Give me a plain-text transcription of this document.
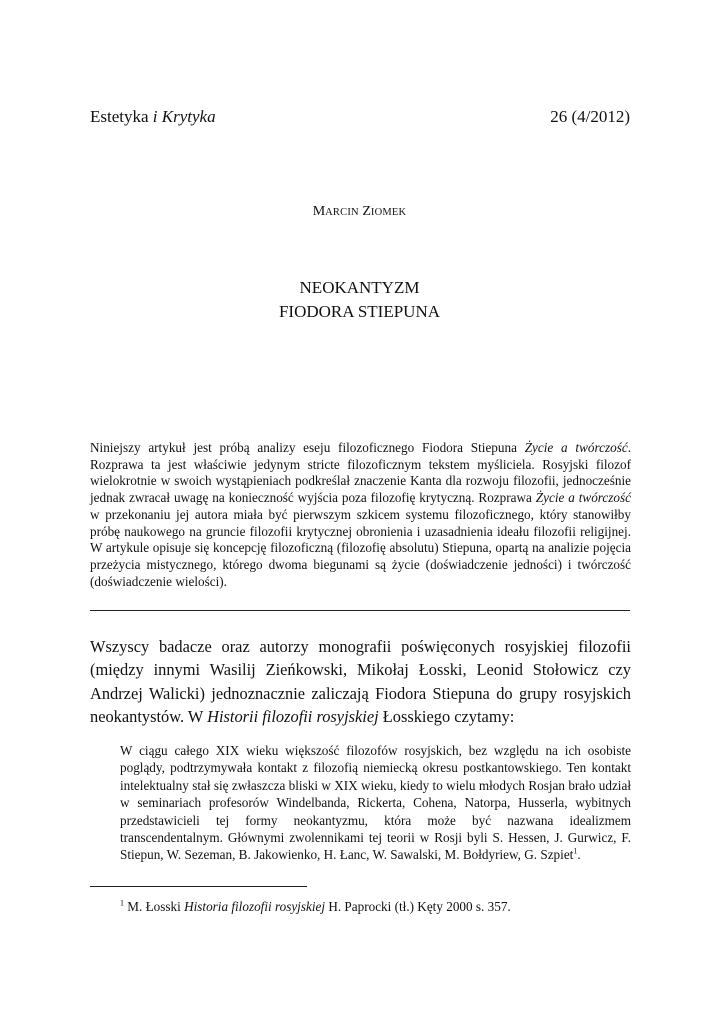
Estetyka i Krytyka	26 (4/2012)
MARCIN ZIOMEK
NEOKANTYZM
FIODORA STIEPUNA
Niniejszy artykuł jest próbą analizy eseju filozoficznego Fiodora Stiepuna Życie a twórczość. Rozprawa ta jest właściwie jedynym stricte filozoficznym tekstem myśliciela. Rosyjski filozof wielokrotnie w swoich wystąpieniach podkreślał znaczenie Kanta dla rozwoju filozofii, jednocześnie jednak zwracał uwagę na konieczność wyjścia poza filozofię krytyczną. Rozprawa Życie a twórczość w przekonaniu jej autora miała być pierwszym szkicem systemu filozoficznego, który stanowiłby próbę naukowego na gruncie filozofii krytycznej obronienia i uzasadnienia ideału filozofii religijnej. W artykule opisuje się koncepcję filozoficzną (filozofię absolutu) Stiepuna, opartą na analizie pojęcia przeżycia mistycznego, którego dwoma biegunami są życie (doświadczenie jedności) i twórczość (doświadczenie wielości).
Wszyscy badacze oraz autorzy monografii poświęconych rosyjskiej filozofii (między innymi Wasilij Zieńkowski, Mikołaj Łosski, Leonid Stołowicz czy Andrzej Walicki) jednoznacznie zaliczają Fiodora Stiepuna do grupy rosyjskich neokantystów. W Historii filozofii rosyjskiej Łosskiego czytamy:
W ciągu całego XIX wieku większość filozofów rosyjskich, bez względu na ich osobiste poglądy, podtrzymywała kontakt z filozofią niemiecką okresu postkantowskiego. Ten kontakt intelektualny stał się zwłaszcza bliski w XIX wieku, kiedy to wielu młodych Rosjan brało udział w seminariach profesorów Windelbanda, Rickerta, Cohena, Natorpa, Husserla, wybitnych przedstawicieli tej formy neokantyzmu, która może być nazwana idealizmem transcendentalnym. Głównymi zwolennikami tej teorii w Rosji byli S. Hessen, J. Gurwicz, F. Stiepun, W. Sezeman, B. Jakowienko, H. Łanc, W. Sawalski, M. Bołdyriew, G. Szpiet$^1$.
$^1$ M. Łosski Historia filozofii rosyjskiej H. Paprocki (tł.) Kęty 2000 s. 357.
